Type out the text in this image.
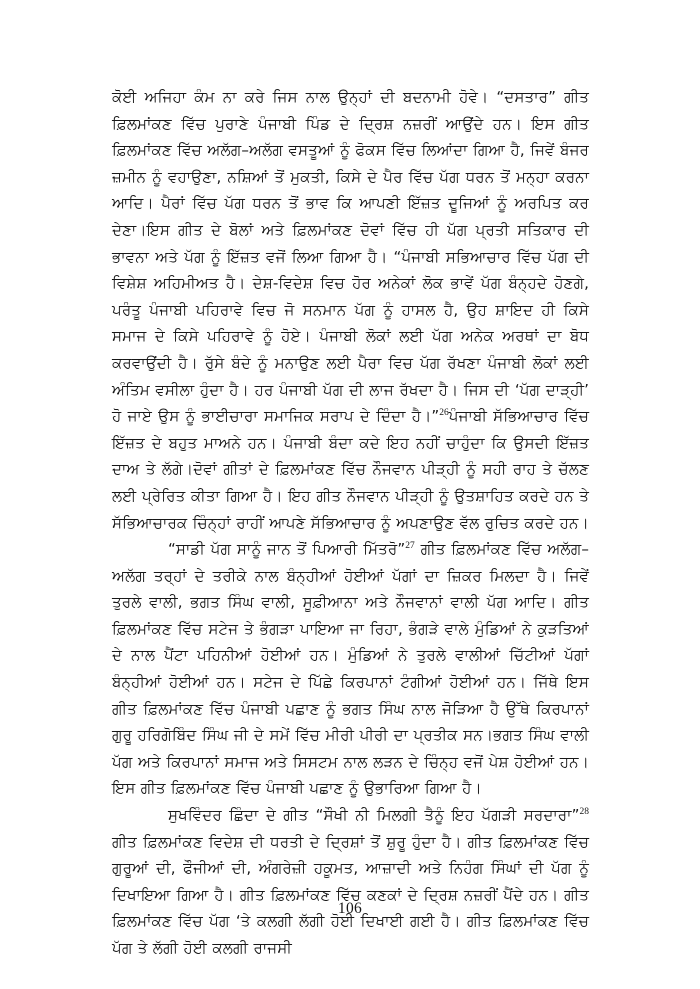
ਕੋਈ ਅਜਿਹਾ ਕੰਮ ਨਾ ਕਰੇ ਜਿਸ ਨਾਲ ਉਨ੍ਹਾਂ ਦੀ ਬਦਨਾਮੀ ਹੋਵੇ। “ਦਸਤਾਰ” ਗੀਤ ਫ਼ਿਲਮਾਂਕਣ ਵਿੱਚ ਪੁਰਾਣੇ ਪੰਜਾਬੀ ਪਿੰਡ ਦੇ ਦ੍ਰਿਸ਼ ਨਜ਼ਰੀਂ ਆਉਂਦੇ ਹਨ। ਇਸ ਗੀਤ ਫ਼ਿਲਮਾਂਕਣ ਵਿੱਚ ਅਲੱਗ–ਅਲੱਗ ਵਸਤੂਆਂ ਨੂੰ ਫੋਕਸ ਵਿੱਚ ਲਿਆਂਦਾ ਗਿਆ ਹੈ, ਜਿਵੇਂ ਬੰਜਰ ਜ਼ਮੀਨ ਨੂੰ ਵਹਾਉਣਾ, ਨਸ਼ਿਆਂ ਤੋਂ ਮੁਕਤੀ, ਕਿਸੇ ਦੇ ਪੈਰ ਵਿੱਚ ਪੱਗ ਧਰਨ ਤੋਂ ਮਨ੍ਹਾ ਕਰਨਾ ਆਦਿ। ਪੈਰਾਂ ਵਿੱਚ ਪੱਗ ਧਰਨ ਤੋਂ ਭਾਵ ਕਿ ਆਪਣੀ ਇੱਜ਼ਤ ਦੂਜਿਆਂ ਨੂੰ ਅਰਪਿਤ ਕਰ ਦੇਣਾ।ਇਸ ਗੀਤ ਦੇ ਬੋਲਾਂ ਅਤੇ ਫ਼ਿਲਮਾਂਕਣ ਦੋਵਾਂ ਵਿੱਚ ਹੀ ਪੱਗ ਪ੍ਰਤੀ ਸਤਿਕਾਰ ਦੀ ਭਾਵਨਾ ਅਤੇ ਪੱਗ ਨੂੰ ਇੱਜ਼ਤ ਵਜੋਂ ਲਿਆ ਗਿਆ ਹੈ। “ਪੰਜਾਬੀ ਸਭਿਆਚਾਰ ਵਿੱਚ ਪੱਗ ਦੀ ਵਿਸ਼ੇਸ਼ ਅਹਿਮੀਅਤ ਹੈ। ਦੇਸ਼-ਵਿਦੇਸ਼ ਵਿਚ ਹੋਰ ਅਨੇਕਾਂ ਲੋਕ ਭਾਵੇਂ ਪੱਗ ਬੰਨ੍ਹਦੇ ਹੋਣਗੇ, ਪਰੰਤੂ ਪੰਜਾਬੀ ਪਹਿਰਾਵੇ ਵਿਚ ਜੋ ਸਨਮਾਨ ਪੱਗ ਨੂੰ ਹਾਸਲ ਹੈ, ਉਹ ਸ਼ਾਇਦ ਹੀ ਕਿਸੇ ਸਮਾਜ ਦੇ ਕਿਸੇ ਪਹਿਰਾਵੇ ਨੂੰ ਹੋਏ। ਪੰਜਾਬੀ ਲੋਕਾਂ ਲਈ ਪੱਗ ਅਨੇਕ ਅਰਥਾਂ ਦਾ ਬੋਧ ਕਰਵਾਉਂਦੀ ਹੈ। ਰੁੱਸੇ ਬੰਦੇ ਨੂੰ ਮਨਾਉਣ ਲਈ ਪੈਰਾ ਵਿਚ ਪੱਗ ਰੱਖਣਾ ਪੰਜਾਬੀ ਲੋਕਾਂ ਲਈ ਅੰਤਿਮ ਵਸੀਲਾ ਹੁੰਦਾ ਹੈ। ਹਰ ਪੰਜਾਬੀ ਪੱਗ ਦੀ ਲਾਜ ਰੱਖਦਾ ਹੈ। ਜਿਸ ਦੀ ‘ਪੱਗ ਦਾੜ੍ਹੀ’ ਹੋ ਜਾਏ ਉਸ ਨੂੰ ਭਾਈਚਾਰਾ ਸਮਾਜਿਕ ਸਰਾਪ ਦੇ ਦਿੰਦਾ ਹੈ।”$^{26}$ਪੰਜਾਬੀ ਸੱਭਿਆਚਾਰ ਵਿੱਚ ਇੱਜ਼ਤ ਦੇ ਬਹੁਤ ਮਾਅਨੇ ਹਨ। ਪੰਜਾਬੀ ਬੰਦਾ ਕਦੇ ਇਹ ਨਹੀਂ ਚਾਹੁੰਦਾ ਕਿ ਉਸਦੀ ਇੱਜ਼ਤ ਦਾਅ ਤੇ ਲੱਗੇ।ਦੋਵਾਂ ਗੀਤਾਂ ਦੇ ਫ਼ਿਲਮਾਂਕਣ ਵਿੱਚ ਨੌਜਵਾਨ ਪੀੜ੍ਹੀ ਨੂੰ ਸਹੀ ਰਾਹ ਤੇ ਚੱਲਣ ਲਈ ਪ੍ਰੇਰਿਤ ਕੀਤਾ ਗਿਆ ਹੈ। ਇਹ ਗੀਤ ਨੌਜਵਾਨ ਪੀੜ੍ਹੀ ਨੂੰ ਉਤਸ਼ਾਹਿਤ ਕਰਦੇ ਹਨ ਤੇ ਸੱਭਿਆਚਾਰਕ ਚਿੰਨ੍ਹਾਂ ਰਾਹੀਂ ਆਪਣੇ ਸੱਭਿਆਚਾਰ ਨੂੰ ਅਪਣਾਉਣ ਵੱਲ ਰੁਚਿਤ ਕਰਦੇ ਹਨ।

“ਸਾਡੀ ਪੱਗ ਸਾਨੂੰ ਜਾਨ ਤੋਂ ਪਿਆਰੀ ਮਿੱਤਰੋ”$^{27}$ ਗੀਤ ਫ਼ਿਲਮਾਂਕਣ ਵਿੱਚ ਅਲੱਗ–ਅਲੱਗ ਤਰ੍ਹਾਂ ਦੇ ਤਰੀਕੇ ਨਾਲ ਬੰਨ੍ਹੀਆਂ ਹੋਈਆਂ ਪੱਗਾਂ ਦਾ ਜ਼ਿਕਰ ਮਿਲਦਾ ਹੈ। ਜਿਵੇਂ ਤੁਰਲੇ ਵਾਲੀ, ਭਗਤ ਸਿੰਘ ਵਾਲੀ, ਸੂਫ਼ੀਆਨਾ ਅਤੇ ਨੌਜਵਾਨਾਂ ਵਾਲੀ ਪੱਗ ਆਦਿ। ਗੀਤ ਫ਼ਿਲਮਾਂਕਣ ਵਿੱਚ ਸਟੇਜ ਤੇ ਭੰਗੜਾ ਪਾਇਆ ਜਾ ਰਿਹਾ, ਭੰਗੜੇ ਵਾਲੇ ਮੁੰਡਿਆਂ ਨੇ ਕੁੜਤਿਆਂ ਦੇ ਨਾਲ ਪੈਂਟਾ ਪਹਿਨੀਆਂ ਹੋਈਆਂ ਹਨ। ਮੁੰਡਿਆਂ ਨੇ ਤੁਰਲੇ ਵਾਲੀਆਂ ਚਿੱਟੀਆਂ ਪੱਗਾਂ ਬੰਨ੍ਹੀਆਂ ਹੋਈਆਂ ਹਨ। ਸਟੇਜ ਦੇ ਪਿੱਛੇ ਕਿਰਪਾਨਾਂ ਟੰਗੀਆਂ ਹੋਈਆਂ ਹਨ। ਜਿੱਥੇ ਇਸ ਗੀਤ ਫ਼ਿਲਮਾਂਕਣ ਵਿੱਚ ਪੰਜਾਬੀ ਪਛਾਣ ਨੂੰ ਭਗਤ ਸਿੰਘ ਨਾਲ ਜੋੜਿਆ ਹੈ ਉੱਥੇ ਕਿਰਪਾਨਾਂ ਗੁਰੂ ਹਰਿਗੋਬਿੰਦ ਸਿੰਘ ਜੀ ਦੇ ਸਮੇਂ ਵਿੱਚ ਮੀਰੀ ਪੀਰੀ ਦਾ ਪ੍ਰਤੀਕ ਸਨ।ਭਗਤ ਸਿੰਘ ਵਾਲੀ ਪੱਗ ਅਤੇ ਕਿਰਪਾਨਾਂ ਸਮਾਜ ਅਤੇ ਸਿਸਟਮ ਨਾਲ ਲੜਨ ਦੇ ਚਿੰਨ੍ਹ ਵਜੋਂ ਪੇਸ਼ ਹੋਈਆਂ ਹਨ। ਇਸ ਗੀਤ ਫ਼ਿਲਮਾਂਕਣ ਵਿੱਚ ਪੰਜਾਬੀ ਪਛਾਣ ਨੂੰ ਉਭਾਰਿਆ ਗਿਆ ਹੈ।

ਸੁਖਵਿੰਦਰ ਛਿੰਦਾ ਦੇ ਗੀਤ “ਸੌਖੀ ਨੀ ਮਿਲਗੀ ਤੈਨੂੰ ਇਹ ਪੱਗੜੀ ਸਰਦਾਰਾ”$^{28}$ ਗੀਤ ਫ਼ਿਲਮਾਂਕਣ ਵਿਦੇਸ਼ ਦੀ ਧਰਤੀ ਦੇ ਦ੍ਰਿਸ਼ਾਂ ਤੋਂ ਸ਼ੁਰੂ ਹੁੰਦਾ ਹੈ। ਗੀਤ ਫ਼ਿਲਮਾਂਕਣ ਵਿੱਚ ਗੁਰੂਆਂ ਦੀ, ਫੌਜੀਆਂ ਦੀ, ਅੰਗਰੇਜ਼ੀ ਹਕੂਮਤ, ਆਜ਼ਾਦੀ ਅਤੇ ਨਿਹੰਗ ਸਿੰਘਾਂ ਦੀ ਪੱਗ ਨੂੰ ਦਿਖਾਇਆ ਗਿਆ ਹੈ। ਗੀਤ ਫ਼ਿਲਮਾਂਕਣ ਵਿੱਚ ਕਣਕਾਂ ਦੇ ਦ੍ਰਿਸ਼ ਨਜ਼ਰੀਂ ਪੈਂਦੇ ਹਨ। ਗੀਤ ਫ਼ਿਲਮਾਂਕਣ ਵਿੱਚ ਪੱਗ ‘ਤੇ ਕਲਗੀ ਲੱਗੀ ਹੋਈ ਦਿਖਾਈ ਗਈ ਹੈ। ਗੀਤ ਫ਼ਿਲਮਾਂਕਣ ਵਿੱਚ ਪੱਗ ਤੇ ਲੱਗੀ ਹੋਈ ਕਲਗੀ ਰਾਜਸੀ

106
